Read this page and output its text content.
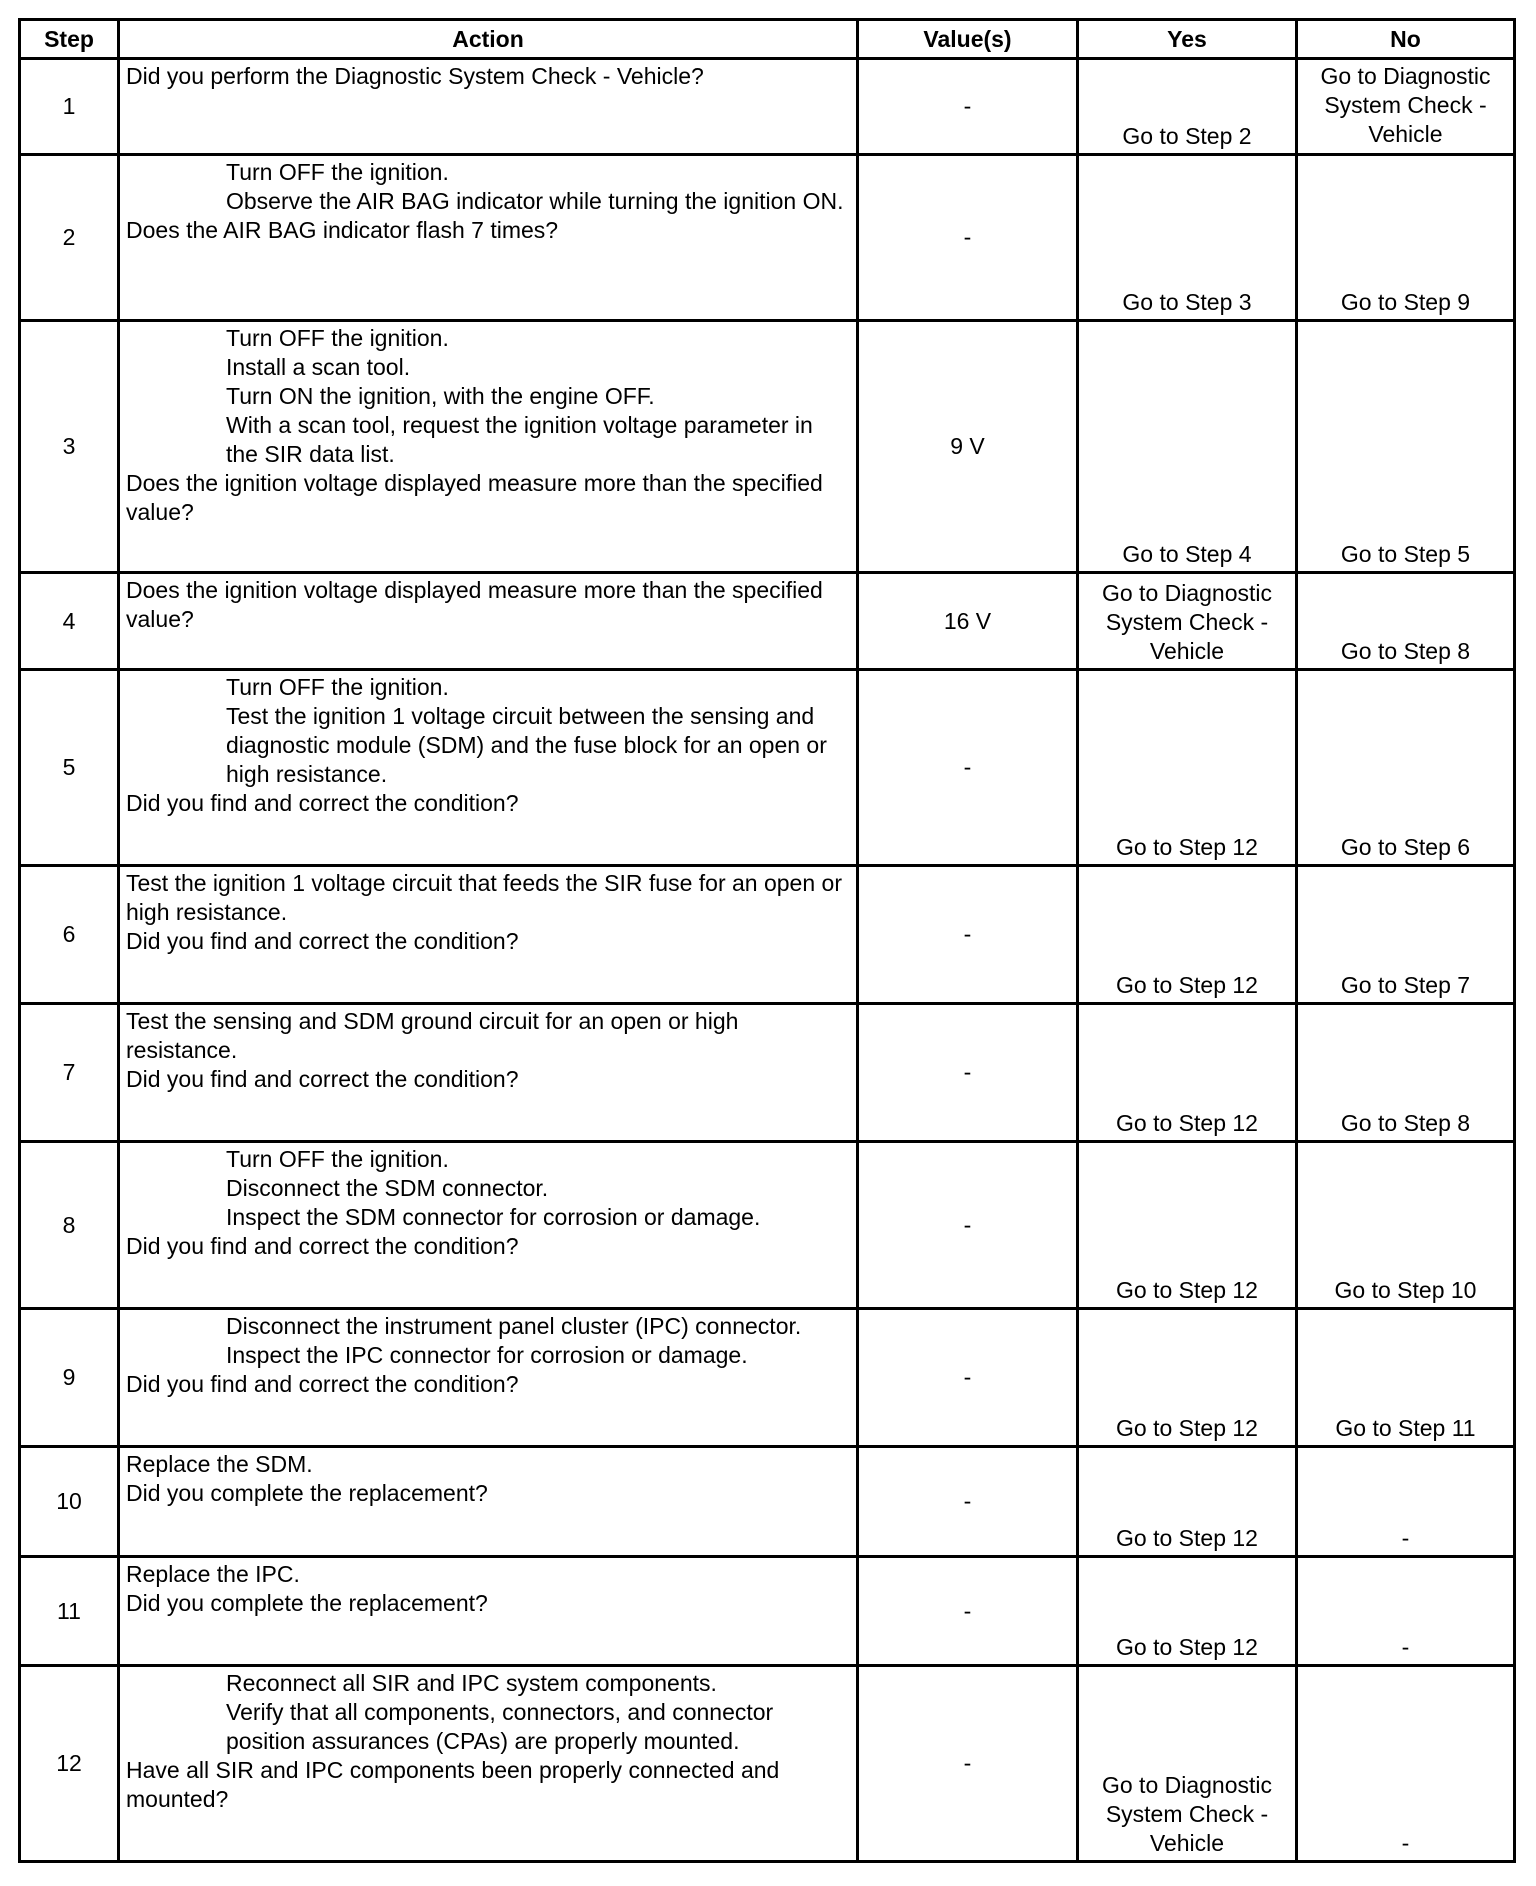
Step	Action	Value(s)	Yes	No
1	Did you perform the Diagnostic System Check - Vehicle?	-	Go to Step 2	Go to Diagnostic System Check - Vehicle
2	Turn OFF the ignition.
Observe the AIR BAG indicator while turning the ignition ON.
Does the AIR BAG indicator flash 7 times?	-	Go to Step 3	Go to Step 9
3	Turn OFF the ignition.
Install a scan tool.
Turn ON the ignition, with the engine OFF.
With a scan tool, request the ignition voltage parameter in the SIR data list.
Does the ignition voltage displayed measure more than the specified value?	9 V	Go to Step 4	Go to Step 5
4	Does the ignition voltage displayed measure more than the specified value?	16 V	Go to Diagnostic System Check - Vehicle	Go to Step 8
5	Turn OFF the ignition.
Test the ignition 1 voltage circuit between the sensing and diagnostic module (SDM) and the fuse block for an open or high resistance.
Did you find and correct the condition?	-	Go to Step 12	Go to Step 6
6	Test the ignition 1 voltage circuit that feeds the SIR fuse for an open or high resistance.
Did you find and correct the condition?	-	Go to Step 12	Go to Step 7
7	Test the sensing and SDM ground circuit for an open or high resistance.
Did you find and correct the condition?	-	Go to Step 12	Go to Step 8
8	Turn OFF the ignition.
Disconnect the SDM connector.
Inspect the SDM connector for corrosion or damage.
Did you find and correct the condition?	-	Go to Step 12	Go to Step 10
9	Disconnect the instrument panel cluster (IPC) connector.
Inspect the IPC connector for corrosion or damage.
Did you find and correct the condition?	-	Go to Step 12	Go to Step 11
10	Replace the SDM.
Did you complete the replacement?	-	Go to Step 12	-
11	Replace the IPC.
Did you complete the replacement?	-	Go to Step 12	-
12	Reconnect all SIR and IPC system components.
Verify that all components, connectors, and connector position assurances (CPAs) are properly mounted.
Have all SIR and IPC components been properly connected and mounted?	-	Go to Diagnostic System Check - Vehicle	-
